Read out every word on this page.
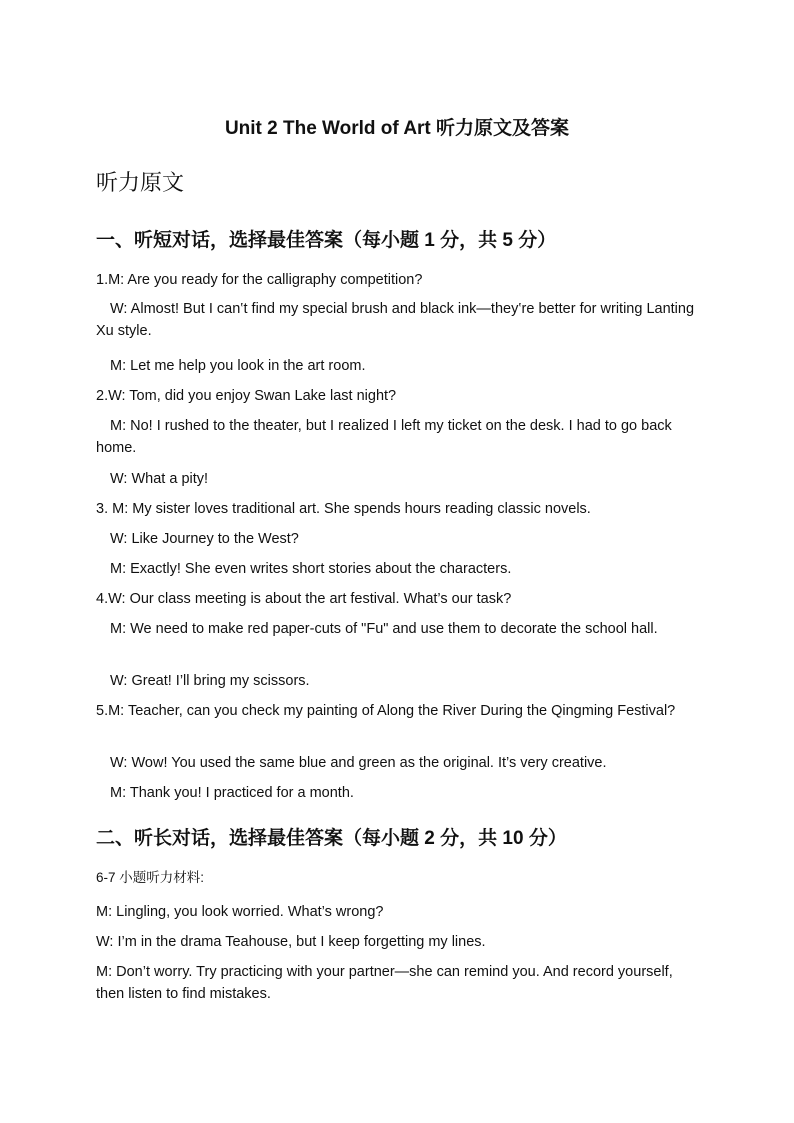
Unit 2 The World of Art 听力原文及答案
听力原文
一、听短对话，选择最佳答案（每小题 1 分，共 5 分）
1.M: Are you ready for the calligraphy competition?
W: Almost! But I can‛t find my special brush and black ink—they‛re better for writing Lanting Xu style.
M: Let me help you look in the art room.
2.W: Tom, did you enjoy Swan Lake last night?
M: No! I rushed to the theater, but I realized I left my ticket on the desk. I had to go back home.
W: What a pity!
3. M: My sister loves traditional art. She spends hours reading classic novels.
W: Like Journey to the West?
M: Exactly! She even writes short stories about the characters.
4.W: Our class meeting is about the art festival. What’s our task?
M: We need to make red paper-cuts of "Fu" and use them to decorate the school hall.
W: Great! I’ll bring my scissors.
5.M: Teacher, can you check my painting of Along the River During the Qingming Festival?
W: Wow! You used the same blue and green as the original. It’s very creative.
M: Thank you! I practiced for a month.
二、听长对话，选择最佳答案（每小题 2 分，共 10 分）
6-7 小题听力材料:
M: Lingling, you look worried. What’s wrong?
W: I’m in the drama Teahouse, but I keep forgetting my lines.
M: Don’t worry. Try practicing with your partner—she can remind you. And record yourself, then listen to find mistakes.
